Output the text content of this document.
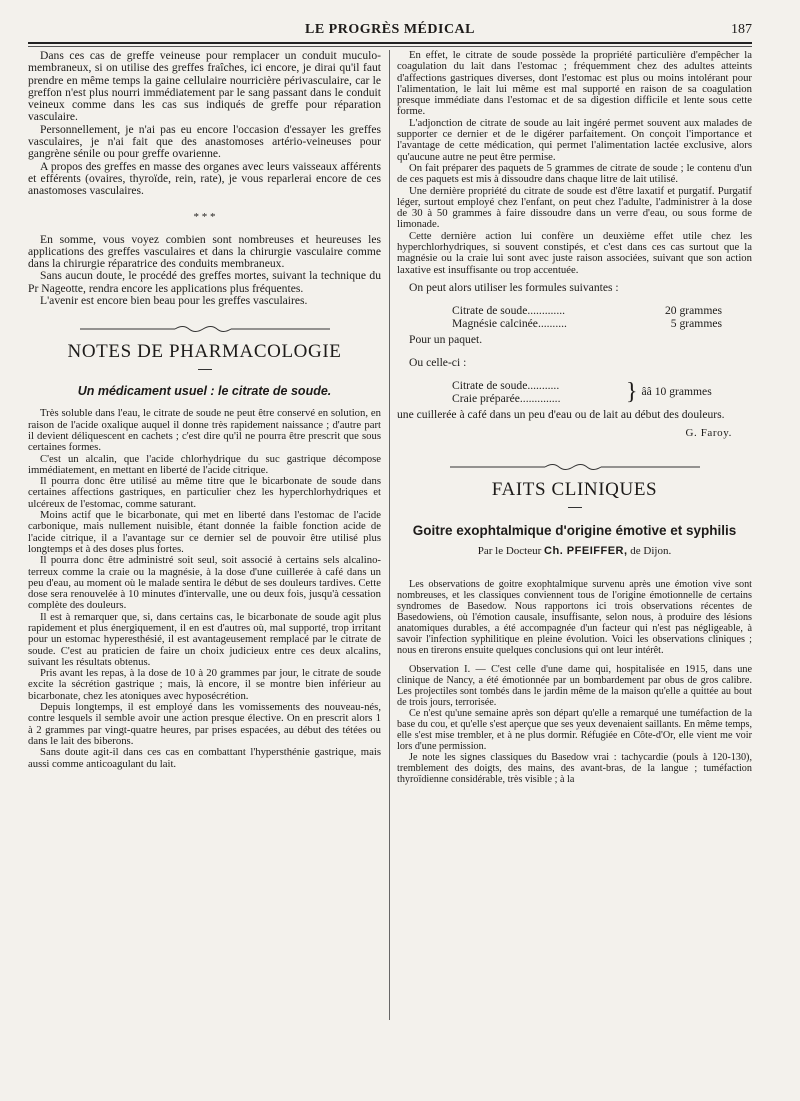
LE PROGRÈS MÉDICAL	187

Dans ces cas de greffe veineuse pour remplacer un conduit muculo-membraneux, si on utilise des greffes fraîches, ici encore, je dirai qu'il faut prendre en même temps la gaine cellulaire nourricière périvasculaire, car le greffon n'est plus nourri immédiatement par le sang passant dans le conduit veineux comme dans les cas sus indiqués de greffe pour réparation vasculaire.

Personnellement, je n'ai pas eu encore l'occasion d'essayer les greffes vasculaires, je n'ai fait que des anastomoses artério-veineuses pour gangrène sénile ou pour greffe ovarienne.

A propos des greffes en masse des organes avec leurs vaisseaux afférents et efférents (ovaires, thyroïde, rein, rate), je vous reparlerai encore de ces anastomoses vasculaires.

* * *

En somme, vous voyez combien sont nombreuses et heureuses les applications des greffes vasculaires et dans la chirurgie vasculaire comme dans la chirurgie réparatrice des conduits membraneux.

Sans aucun doute, le procédé des greffes mortes, suivant la technique du Pr Nageotte, rendra encore les applications plus fréquentes.

L'avenir est encore bien beau pour les greffes vasculaires.

NOTES DE PHARMACOLOGIE
Un médicament usuel : le citrate de soude.

Très soluble dans l'eau, le citrate de soude ne peut être conservé en solution, en raison de l'acide oxalique auquel il donne très rapidement naissance ; d'autre part il devient déliquescent en cachets ; c'est dire qu'il ne pourra être prescrit que sous certaines formes.

C'est un alcalin, que l'acide chlorhydrique du suc gastrique décompose immédiatement, en mettant en liberté de l'acide citrique.

Il pourra donc être utilisé au même titre que le bicarbonate de soude dans certaines affections gastriques, en particulier chez les hyperchlorhydriques et ulcéreux de l'estomac, comme saturant.

Moins actif que le bicarbonate, qui met en liberté dans l'estomac de l'acide carbonique, mais nullement nuisible, étant donnée la faible fonction acide de l'acide citrique, il a l'avantage sur ce dernier sel de pouvoir être utilisé plus longtemps et à des doses plus fortes.

Il pourra donc être administré soit seul, soit associé à certains sels alcalino-terreux comme la craie ou la magnésie, à la dose d'une cuillerée à café dans un peu d'eau, au moment où le malade sentira le début de ses douleurs tardives. Cette dose sera renouvelée à 10 minutes d'intervalle, une ou deux fois, jusqu'à cessation complète des douleurs.

Il est à remarquer que, si, dans certains cas, le bicarbonate de soude agit plus rapidement et plus énergiquement, il en est d'autres où, mal supporté, trop irritant pour un estomac hyperesthésié, il est avantageusement remplacé par le citrate de soude. C'est au praticien de faire un choix judicieux entre ces deux alcalins, suivant les résultats obtenus.

Pris avant les repas, à la dose de 10 à 20 grammes par jour, le citrate de soude excite la sécrétion gastrique ; mais, là encore, il se montre bien inférieur au bicarbonate, chez les atoniques avec hyposécrétion.

Depuis longtemps, il est employé dans les vomissements des nouveau-nés, contre lesquels il semble avoir une action presque élective. On en prescrit alors 1 à 2 grammes par vingt-quatre heures, par prises espacées, au début des tétées ou dans le lait des biberons.

Sans doute agit-il dans ces cas en combattant l'hypersthénie gastrique, mais aussi comme anticoagulant du lait.

En effet, le citrate de soude possède la propriété particulière d'empêcher la coagulation du lait dans l'estomac ; fréquemment chez des adultes atteints d'affections gastriques diverses, dont l'estomac est plus ou moins intolérant pour l'alimentation, le lait lui même est mal supporté en raison de sa coagulation presque immédiate dans l'estomac et de sa digestion difficile et lente sous cette forme.

L'adjonction de citrate de soude au lait ingéré permet souvent aux malades de supporter ce dernier et de le digérer parfaitement. On conçoit l'importance et l'avantage de cette médication, qui permet l'alimentation lactée exclusive, alors qu'aucune autre ne peut être permise.

On fait préparer des paquets de 5 grammes de citrate de soude ; le contenu d'un de ces paquets est mis à dissoudre dans chaque litre de lait utilisé.

Une dernière propriété du citrate de soude est d'être laxatif et purgatif. Purgatif léger, surtout employé chez l'enfant, on peut chez l'adulte, l'administrer à la dose de 30 à 50 grammes à faire dissoudre dans un verre d'eau, ou sous forme de limonade.

Cette dernière action lui confère un deuxième effet utile chez les hyperchlorhydriques, si souvent constipés, et c'est dans ces cas surtout que la magnésie ou la craie lui sont avec juste raison associées, suivant que son action laxative est insuffisante ou trop accentuée.

On peut alors utiliser les formules suivantes :

Citrate de soude.............	20 grammes
Magnésie calcinée..........	5 grammes

Pour un paquet.

Ou celle-ci :

Citrate de soude...........
Craie préparée..............	} ââ 10 grammes

une cuillerée à café dans un peu d'eau ou de lait au début des douleurs.

G. Faroy.
FAITS CLINIQUES
Goitre exophtalmique d'origine émotive et syphilis
Par le Docteur Ch. PFEIFFER, de Dijon.

Les observations de goitre exophtalmique survenu après une émotion vive sont nombreuses, et les classiques conviennent tous de l'origine émotionnelle de certains syndromes de Basedow. Nous rapportons ici trois observations récentes de Basedowiens, où l'émotion causale, insuffisante, selon nous, à produire des lésions anatomiques durables, a été accompagnée d'un facteur qui n'est pas négligeable, à savoir l'infection syphilitique en pleine évolution. Voici les observations cliniques ; nous en tirerons ensuite quelques conclusions qui ont leur intérêt.

Observation I. — C'est celle d'une dame qui, hospitalisée en 1915, dans une clinique de Nancy, a été émotionnée par un bombardement par obus de gros calibre. Les projectiles sont tombés dans le jardin même de la maison qu'elle a quittée au bout de trois jours, terrorisée.

Ce n'est qu'une semaine après son départ qu'elle a remarqué une tuméfaction de la base du cou, et qu'elle s'est aperçue que ses yeux devenaient saillants. En même temps, elle s'est mise trembler, et à ne plus dormir. Réfugiée en Côte-d'Or, elle vient me voir lors d'une permission.

Je note les signes classiques du Basedow vrai : tachycardie (pouls à 120-130), tremblement des doigts, des mains, des avant-bras, de la langue ; tuméfaction thyroïdienne considérable, très visible ; à la
